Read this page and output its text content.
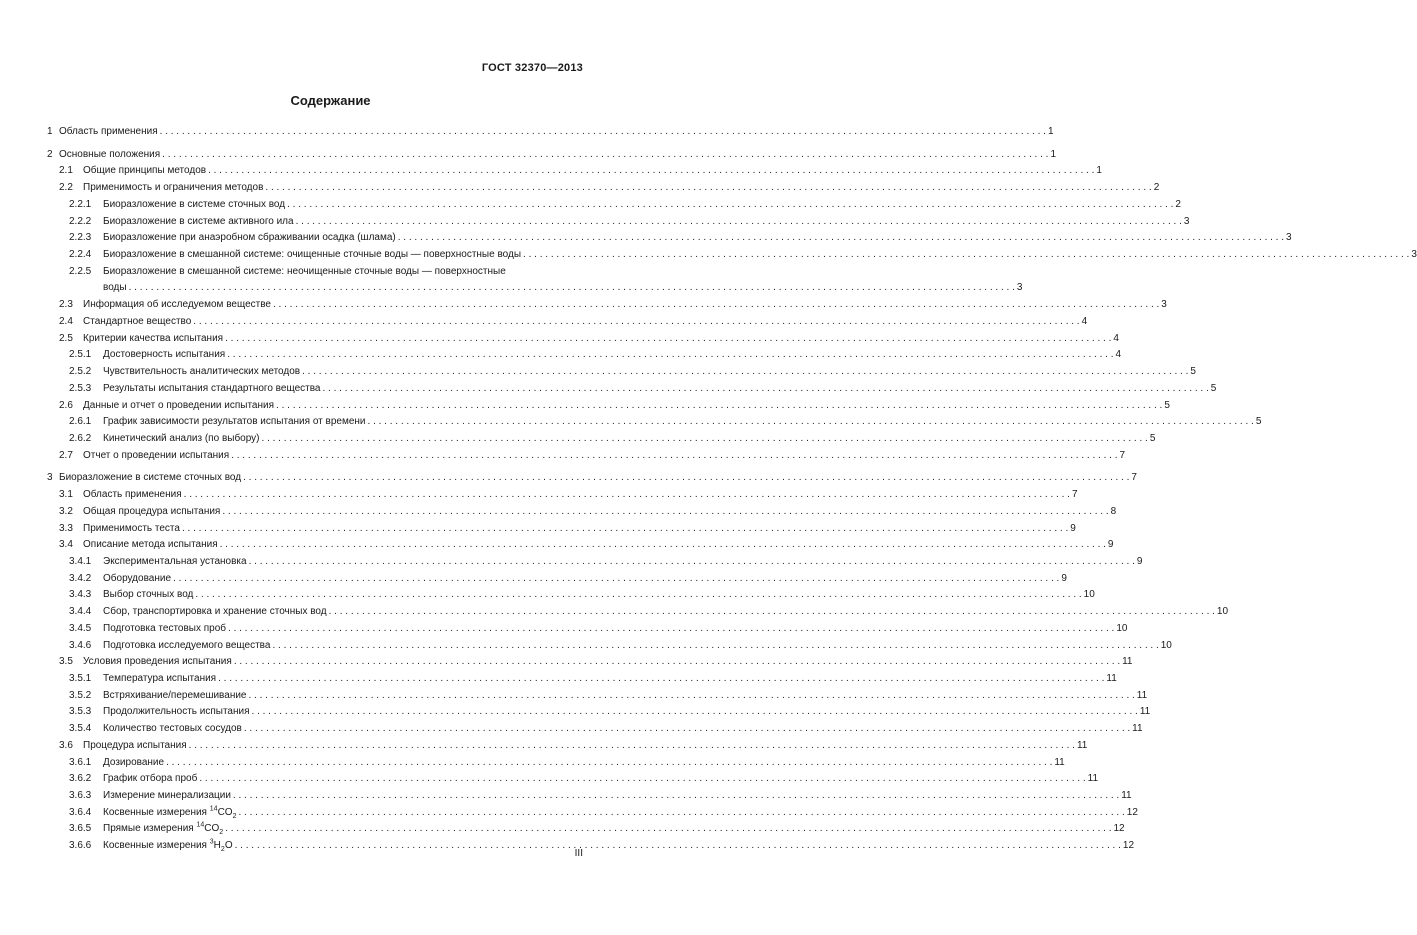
ГОСТ 32370—2013
Содержание
1 Область применения . . .	1
2 Основные положения . . .	1
2.1	Общие принципы методов . . .	1
2.2	Применимость и ограничения методов . . .	2
2.2.1	Биоразложение в системе сточных вод . . .	2
2.2.2	Биоразложение в системе активного ила . . .	3
2.2.3	Биоразложение при анаэробном сбраживании осадка (шлама) . . .	3
2.2.4	Биоразложение в смешанной системе: очищенные сточные воды — поверхностные воды . . .	3
2.2.5	Биоразложение в смешанной системе: неочищенные сточные воды — поверхностные
воды . . .	3
2.3	Информация об исследуемом веществе . . .	3
2.4	Стандартное вещество . . .	4
2.5	Критерии качества испытания . . .	4
2.5.1	Достоверность испытания . . .	4
2.5.2	Чувствительность аналитических методов . . .	5
2.5.3	Результаты испытания стандартного вещества . . .	5
2.6	Данные и отчет о проведении испытания . . .	5
2.6.1	График зависимости результатов испытания от времени . . .	5
2.6.2	Кинетический анализ (по выбору) . . .	5
2.7	Отчет о проведении испытания . . .	7
3 Биоразложение в системе сточных вод . . .	7
3.1	Область применения . . .	7
3.2	Общая процедура испытания . . .	8
3.3	Применимость теста . . .	9
3.4	Описание метода испытания . . .	9
3.4.1	Экспериментальная установка . . .	9
3.4.2	Оборудование . . .	9
3.4.3	Выбор сточных вод . . .	10
3.4.4	Сбор, транспортировка и хранение сточных вод . . .	10
3.4.5	Подготовка тестовых проб . . .	10
3.4.6	Подготовка исследуемого вещества . . .	10
3.5	Условия проведения испытания . . .	11
3.5.1	Температура испытания . . .	11
3.5.2	Встряхивание/перемешивание . . .	11
3.5.3	Продолжительность испытания . . .	11
3.5.4	Количество тестовых сосудов . . .	11
3.6	Процедура испытания . . .	11
3.6.1	Дозирование . . .	11
3.6.2	График отбора проб . . .	11
3.6.3	Измерение минерализации . . .	11
3.6.4	Косвенные измерения $^{14}CO_2$ . . .	12
3.6.5	Прямые измерения $^{14}CO_2$ . . .	12
3.6.6	Косвенные измерения $^3H_2O$ . . .	12
III
